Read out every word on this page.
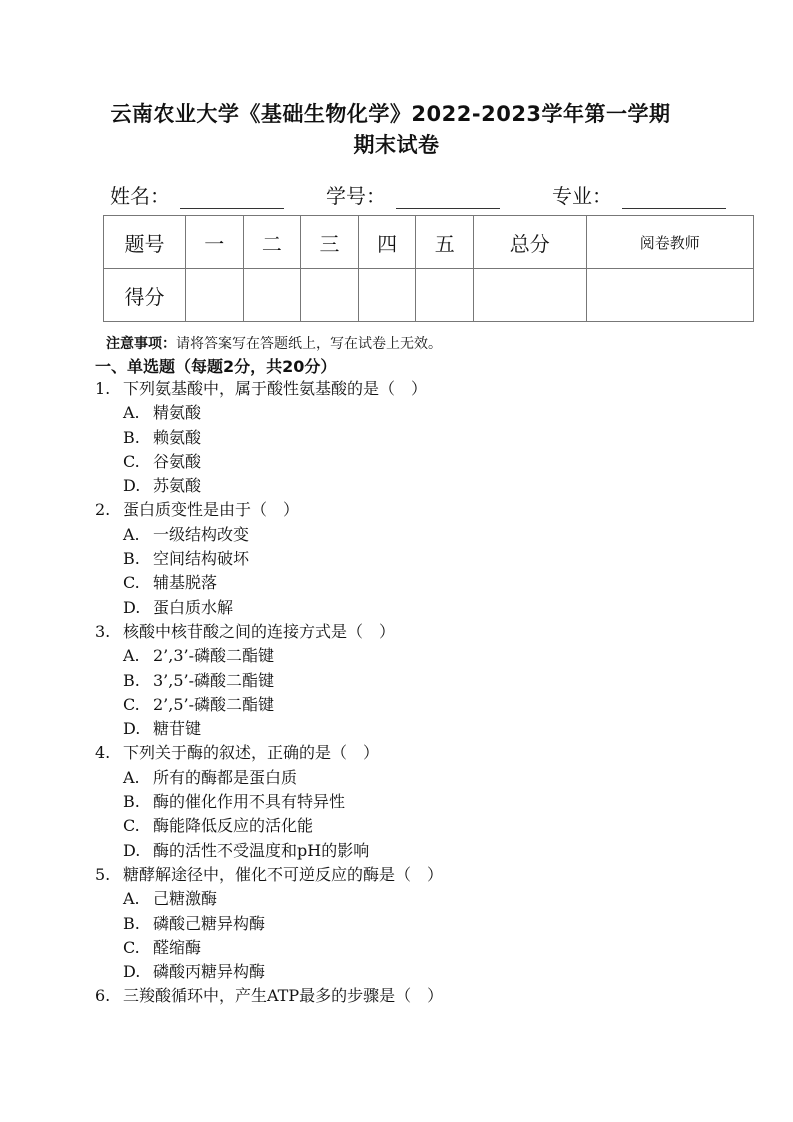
云南农业大学《基础生物化学》2022-2023学年第一学期
期末试卷
姓名：	学号：	专业：
题号	一	二	三	四	五	总分	阅卷教师
得分							
注意事项：请将答案写在答题纸上，写在试卷上无效。
一、单选题（每题2分，共20分）
1. 下列氨基酸中，属于酸性氨基酸的是（　）
A. 精氨酸
B. 赖氨酸
C. 谷氨酸
D. 苏氨酸
2. 蛋白质变性是由于（　）
A. 一级结构改变
B. 空间结构破坏
C. 辅基脱落
D. 蛋白质水解
3. 核酸中核苷酸之间的连接方式是（　）
A. 2’,3’-磷酸二酯键
B. 3’,5’-磷酸二酯键
C. 2’,5’-磷酸二酯键
D. 糖苷键
4. 下列关于酶的叙述，正确的是（　）
A. 所有的酶都是蛋白质
B. 酶的催化作用不具有特异性
C. 酶能降低反应的活化能
D. 酶的活性不受温度和pH的影响
5. 糖酵解途径中，催化不可逆反应的酶是（　）
A. 己糖激酶
B. 磷酸己糖异构酶
C. 醛缩酶
D. 磷酸丙糖异构酶
6. 三羧酸循环中，产生ATP最多的步骤是（　）
